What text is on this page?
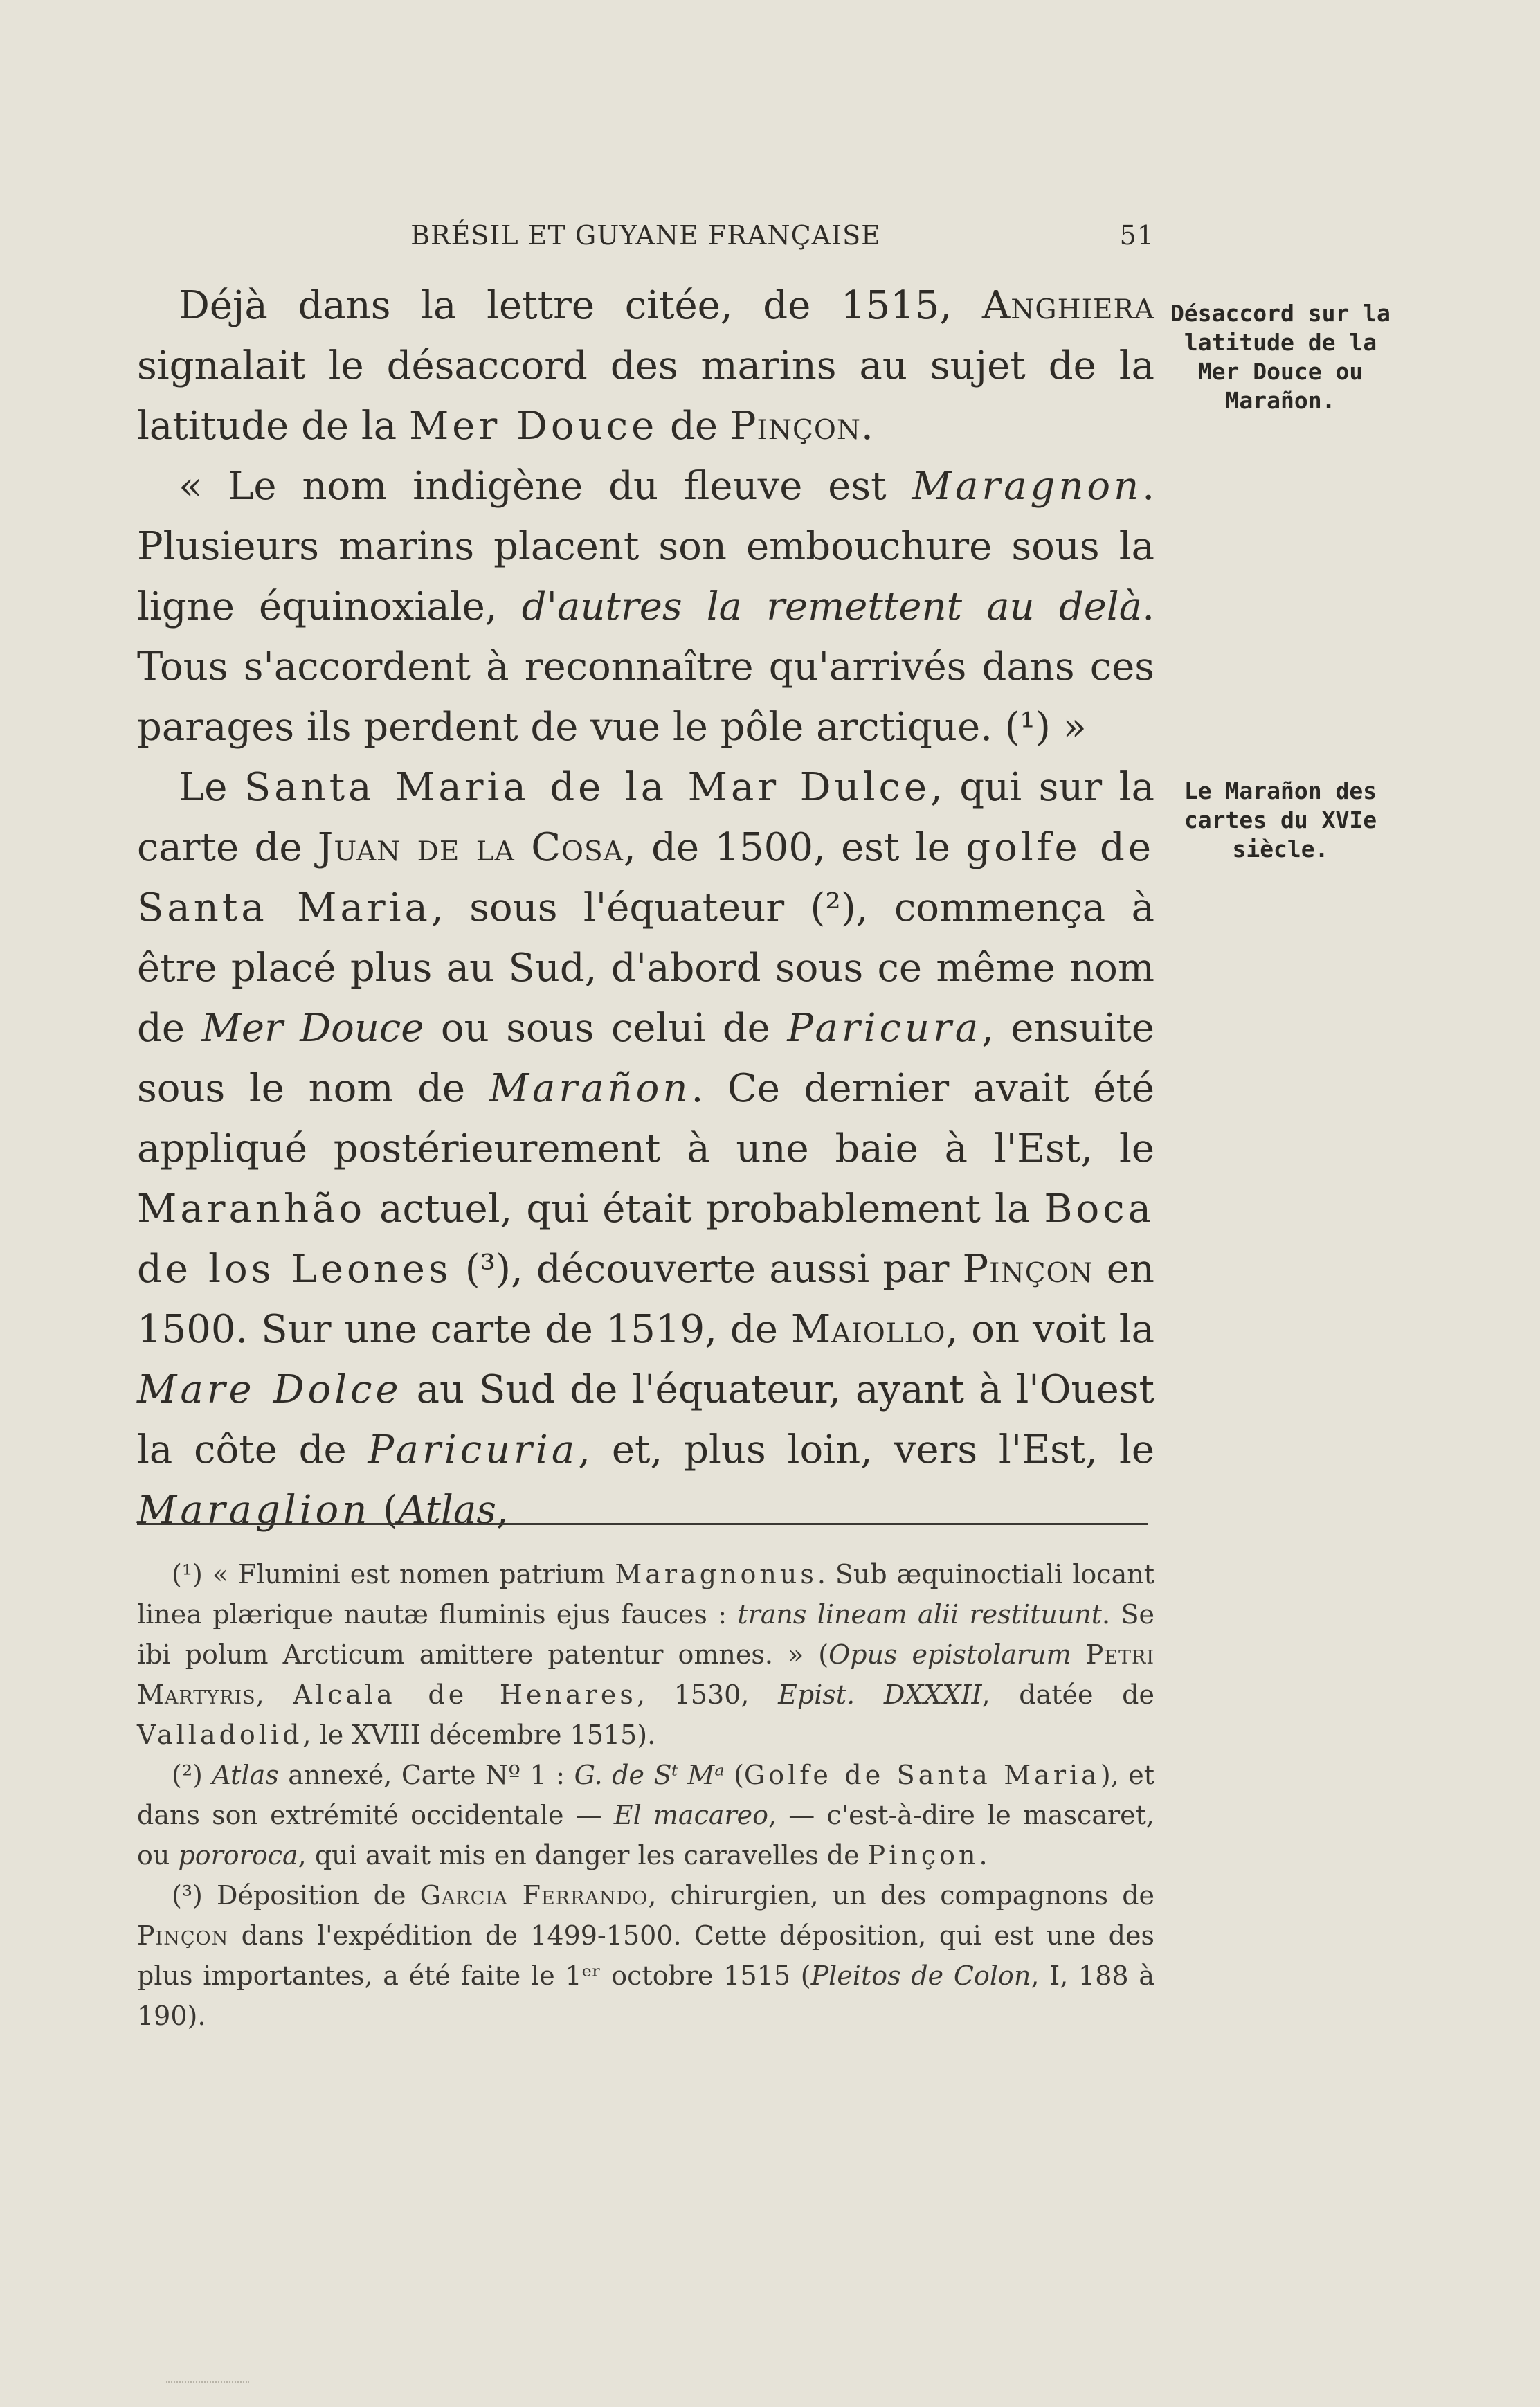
BRÉSIL ET GUYANE FRANÇAISE	51

Déjà dans la lettre citée, de 1515, Anghiera signalait le désaccord des marins au sujet de la latitude de la Mer Douce de Pinçon.

« Le nom indigène du fleuve est Maragnon. Plusieurs marins placent son embouchure sous la ligne équinoxiale, d'autres la remettent au delà. Tous s'accordent à reconnaître qu'arrivés dans ces parages ils perdent de vue le pôle arctique. (¹) »

Le Santa Maria de la Mar Dulce, qui sur la carte de Juan de la Cosa, de 1500, est le golfe de Santa Maria, sous l'équateur (²), commença à être placé plus au Sud, d'abord sous ce même nom de Mer Douce ou sous celui de Paricura, ensuite sous le nom de Marañon. Ce dernier avait été appliqué postérieurement à une baie à l'Est, le Maranhão actuel, qui était probablement la Boca de los Leones (³), découverte aussi par Pinçon en 1500. Sur une carte de 1519, de Maiollo, on voit la Mare Dolce au Sud de l'équateur, ayant à l'Ouest la côte de Paricuria, et, plus loin, vers l'Est, le Maraglion (Atlas,

Désaccord sur la latitude de la Mer Douce ou Marañon.
Le Marañon des cartes du XVIe siècle.

(¹) « Flumini est nomen patrium Maragnonus. Sub æquinoctiali locant linea plærique nautæ fluminis ejus fauces : trans lineam alii restituunt. Se ibi polum Arcticum amittere patentur omnes. » (Opus epistolarum Petri Martyris, Alcala de Henares, 1530, Epist. DXXXII, datée de Valladolid, le XVIII décembre 1515).

(²) Atlas annexé, Carte Nº 1 : G. de Sᵗ Mᵃ (Golfe de Santa Maria), et dans son extrémité occidentale — El macareo, — c'est-à-dire le mascaret, ou pororoca, qui avait mis en danger les caravelles de Pinçon.

(³) Déposition de Garcia Ferrando, chirurgien, un des compagnons de Pinçon dans l'expédition de 1499-1500. Cette déposition, qui est une des plus importantes, a été faite le 1ᵉʳ octobre 1515 (Pleitos de Colon, I, 188 à 190).
